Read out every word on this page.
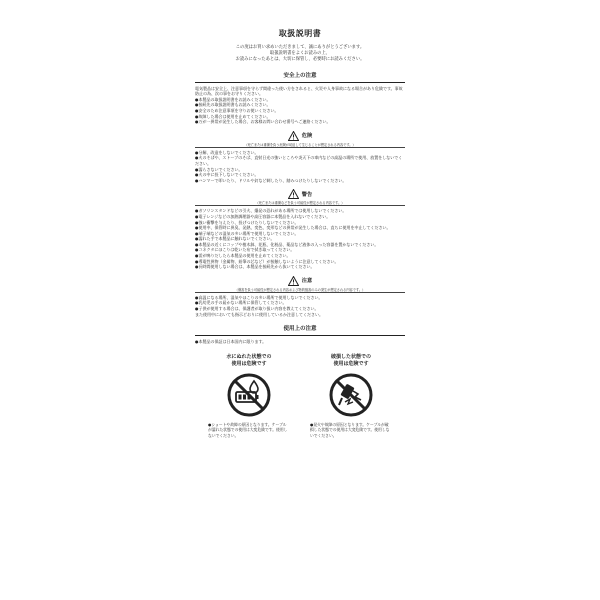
取扱説明書
この度はお買い求めいただきまして、誠にありがとうございます。
取扱説明書をよくお読みの上、
お読みになったあとは、大切に保管し、必要時にお読みください。
安全上の注意
電気製品は安全上、注意事項を守らず間違った使い方をされると、火災や人身事故になる場合があり危険です。事故防止の為、次の事をお守りください。
●本製品の取扱説明書をお読みください。
●接続先の取扱説明書もお読みください。
●安全のため注意事項を守りお使いください。
●故障した場合は使用を止めてください。
●万が一異常が発生した場合、お客様お問い合わせ番号へご連絡ください。
危険
（死亡または重傷を負う危険が切迫して生じることが想定される内容です。）
●分解、改造をしないでください。
●火のそばや、ストーブのそば、直射日光の強いところや炎天下の車内などの高温の場所で使用、放置をしないでください。
●濡らさないでください。
●火の中に投下しないでください。
●ハンマーで叩いたり、ドリルや釘など刺したり、踏みつけたりしないでください。
警告
（死亡または重傷などを負う可能性が想定される内容です。）
●ガソリンスタンドなどの引火、爆発の恐れがある場所では使用しないでください。
●電子レンジなどの加熱調理器や高圧容器に本製品を入れないでください。
●強い衝撃を与えたり、投げつけたりしないでください。
●使用中、保管時に異臭、発熱、変色、変形などの異常が発生した場合は、直ちに使用を中止してください。
●端子端などの湿気の多い場所で使用しないでください。
●濡れた手で本製品に触れないでください。
●本製品の近くにコップや植木鉢、花瓶、化粧品、薬品など液体の入った容器を置かないでください。
●コネクタにほこりは乾いた布で拭き取ってください。
●雷が鳴りだしたら本製品の使用を止めてください。
●導電性異物（金属物、鉛筆の芯など）が接触しないように注意してください。
●長時間使用しない場合は、本製品を接続先から抜いてください。
注意
（傷害を負う可能性が想定される内容および物的損害のみの発生が想定される内容です。）
●高温になる場所、湿気やほこりの多い場所で使用しないでください。
●乳幼児の手の届かない場所に保管してください。
●子供が使用する場合は、保護者が取り扱い内容を教えてください。
また使用中においても指示どおりに使用しているか注意してください。
使用上の注意
●本製品の保証は日本国内に限ります。
水にぬれた状態での
使用は危険です
●ショートや故障の原因となります。ケーブルが濡れた状態での使用は大変危険です。使用しないでください。
破損した状態での
使用は危険です
●発火や故障の原因となります。ケーブルが破損した状態での使用は大変危険です。使用しないでください。
